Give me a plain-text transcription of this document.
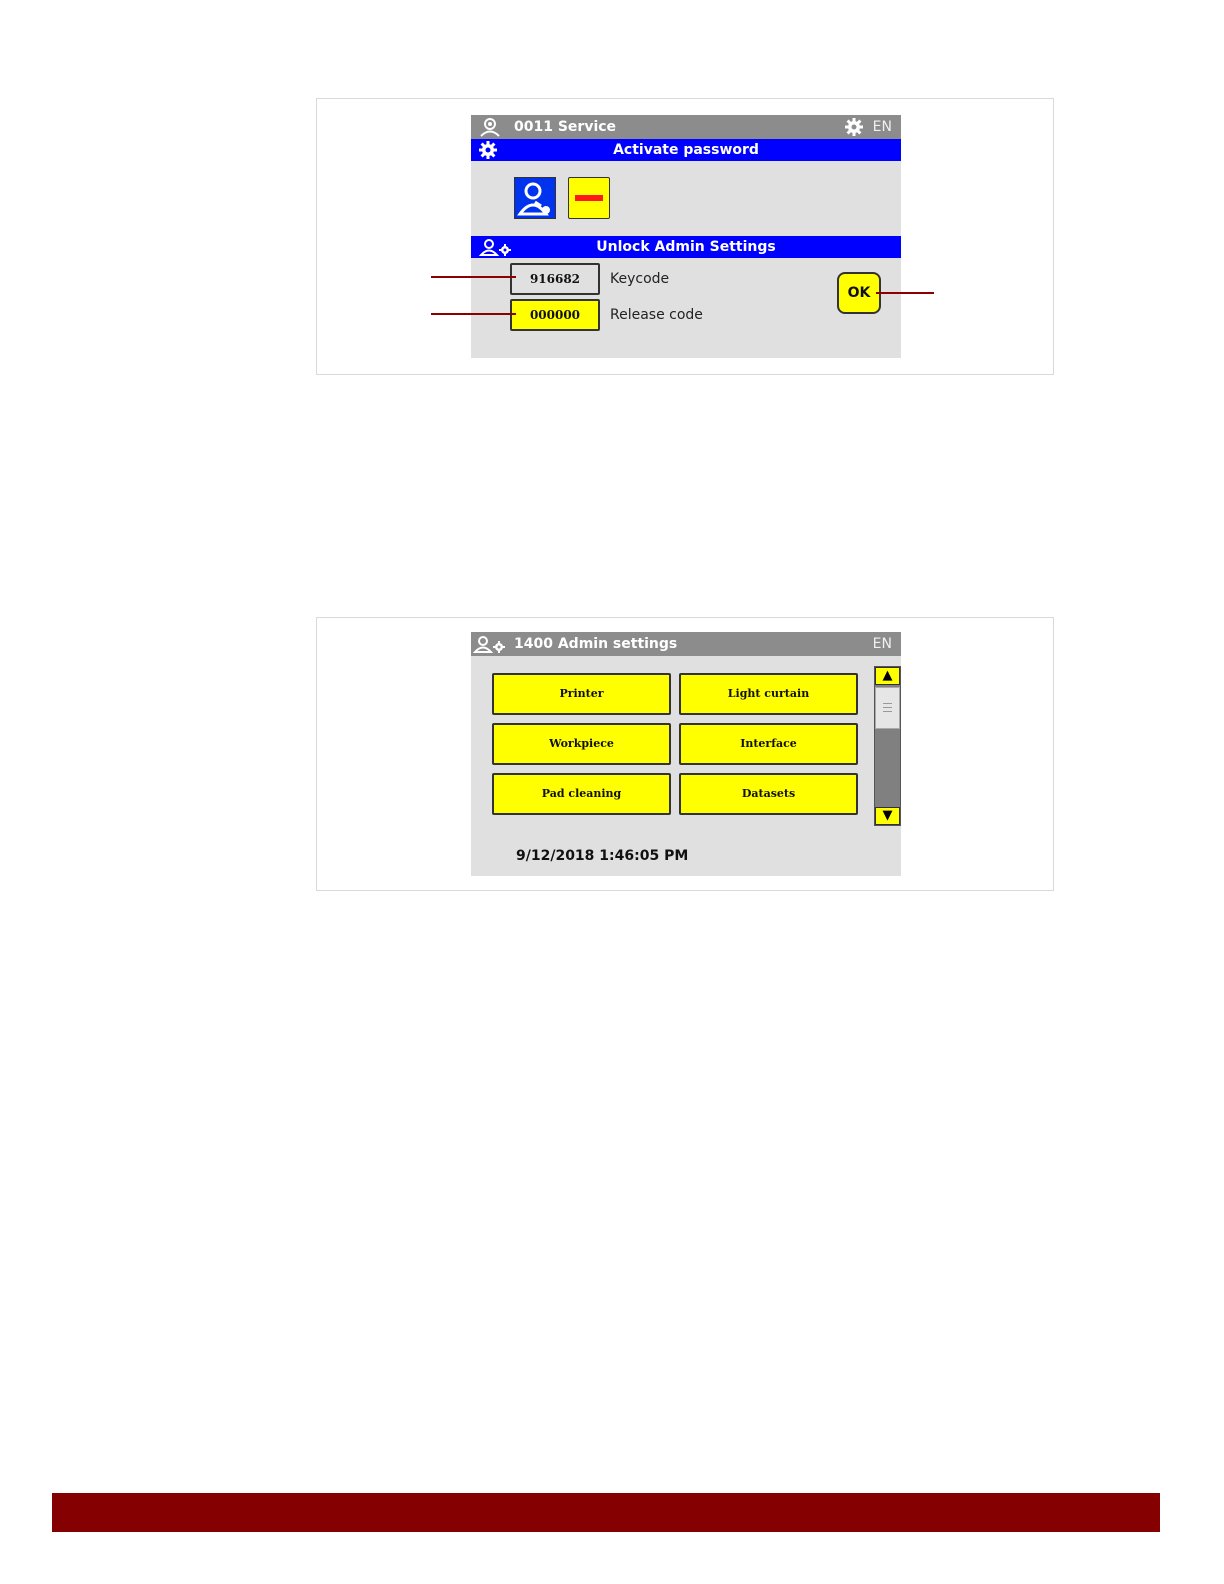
0011 Service	EN
Activate password
Unlock Admin Settings
916682	Keycode
000000	Release code
OK
1400 Admin settings	EN
Printer	Light curtain
Workpiece	Interface
Pad cleaning	Datasets
▲
▼
9/12/2018 1:46:05 PM
